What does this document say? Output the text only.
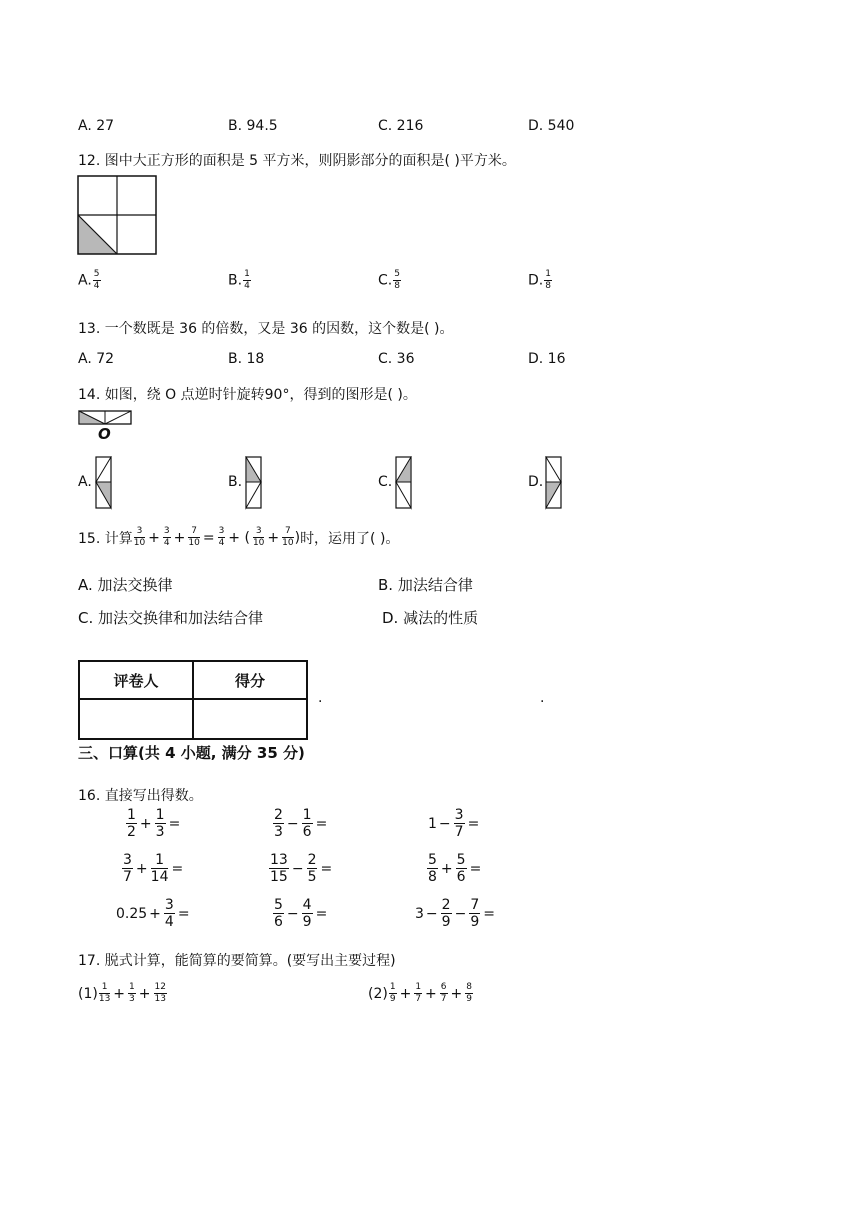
A. 27	B. 94.5	C. 216	D. 540
12. 图中大正方形的面积是 5 平方米，则阴影部分的面积是( )平方米。
A. $\frac{5}{4}$	B. $\frac{1}{4}$	C. $\frac{5}{8}$	D. $\frac{1}{8}$
13. 一个数既是 36 的倍数，又是 36 的因数，这个数是( )。
A. 72	B. 18	C. 36	D. 16
14. 如图，绕 O 点逆时针旋转90°，得到的图形是( )。
O
A.	B.	C.	D.
15. 计算 $\frac{3}{10} + \frac{3}{4} + \frac{7}{10} = \frac{3}{4}$ + ( $\frac{3}{10} + \frac{7}{10}$ ) 时，运用了( )。
A. 加法交换律	B. 加法结合律
C. 加法交换律和加法结合律	D. 减法的性质
评卷人	得分

.	.
三、口算(共 4 小题, 满分 35 分)
16. 直接写出得数。
$\frac{1}{2} + \frac{1}{3}$ =	$\frac{2}{3} - \frac{1}{6}$ =	$1 - \frac{3}{7}$ =
$\frac{3}{7} + \frac{1}{14}$ =	$\frac{13}{15} - \frac{2}{5}$ =	$\frac{5}{8} + \frac{5}{6}$ =
$0.25 + \frac{3}{4}$ =	$\frac{5}{6} - \frac{4}{9}$ =	$3 - \frac{2}{9} - \frac{7}{9}$ =
17. 脱式计算，能简算的要简算。(要写出主要过程)
$(1) \frac{1}{13} + \frac{1}{3} + \frac{12}{13}$	$(2) \frac{1}{9} + \frac{1}{7} + \frac{6}{7} + \frac{8}{9}$
